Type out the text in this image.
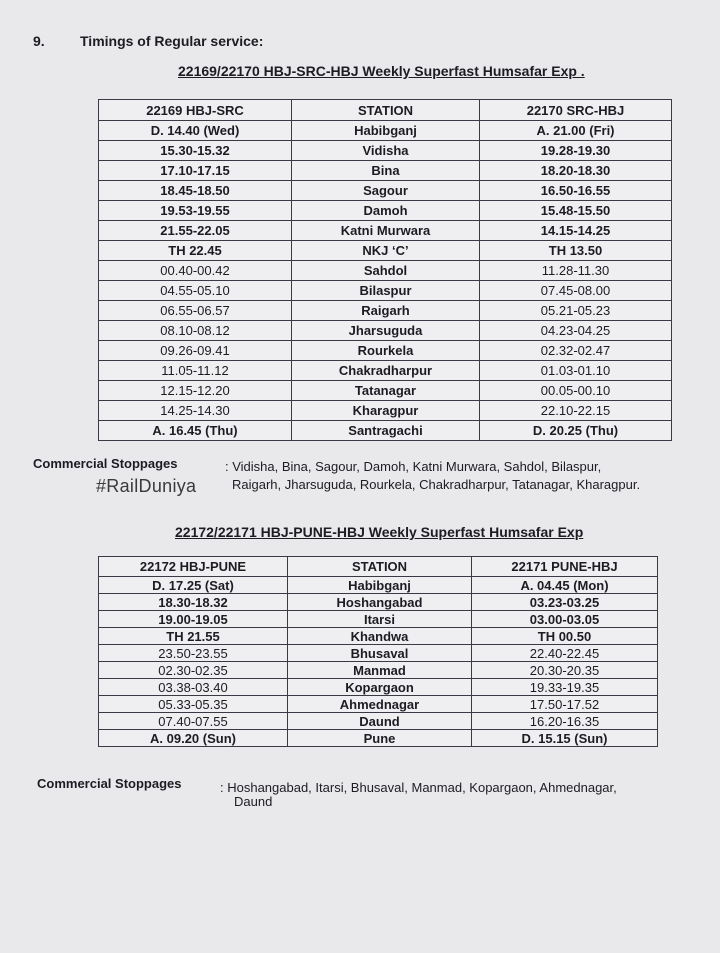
9.	Timings of Regular service:
22169/22170 HBJ-SRC-HBJ Weekly Superfast Humsafar Exp .
22169 HBJ-SRC	STATION	22170 SRC-HBJ
D. 14.40 (Wed)	Habibganj	A. 21.00 (Fri)
15.30-15.32	Vidisha	19.28-19.30
17.10-17.15	Bina	18.20-18.30
18.45-18.50	Sagour	16.50-16.55
19.53-19.55	Damoh	15.48-15.50
21.55-22.05	Katni Murwara	14.15-14.25
TH 22.45	NKJ ‘C’	TH 13.50
00.40-00.42	Sahdol	11.28-11.30
04.55-05.10	Bilaspur	07.45-08.00
06.55-06.57	Raigarh	05.21-05.23
08.10-08.12	Jharsuguda	04.23-04.25
09.26-09.41	Rourkela	02.32-02.47
11.05-11.12	Chakradharpur	01.03-01.10
12.15-12.20	Tatanagar	00.05-00.10
14.25-14.30	Kharagpur	22.10-22.15
A. 16.45 (Thu)	Santragachi	D. 20.25 (Thu)
Commercial Stoppages	: Vidisha, Bina, Sagour, Damoh, Katni Murwara, Sahdol, Bilaspur,
Raigarh, Jharsuguda, Rourkela, Chakradharpur, Tatanagar, Kharagpur.
#RailDuniya
22172/22171 HBJ-PUNE-HBJ Weekly Superfast Humsafar Exp
22172 HBJ-PUNE	STATION	22171 PUNE-HBJ
D. 17.25 (Sat)	Habibganj	A. 04.45 (Mon)
18.30-18.32	Hoshangabad	03.23-03.25
19.00-19.05	Itarsi	03.00-03.05
TH 21.55	Khandwa	TH 00.50
23.50-23.55	Bhusaval	22.40-22.45
02.30-02.35	Manmad	20.30-20.35
03.38-03.40	Kopargaon	19.33-19.35
05.33-05.35	Ahmednagar	17.50-17.52
07.40-07.55	Daund	16.20-16.35
A. 09.20 (Sun)	Pune	D. 15.15 (Sun)
Commercial Stoppages	: Hoshangabad, Itarsi, Bhusaval, Manmad, Kopargaon, Ahmednagar,
Daund
